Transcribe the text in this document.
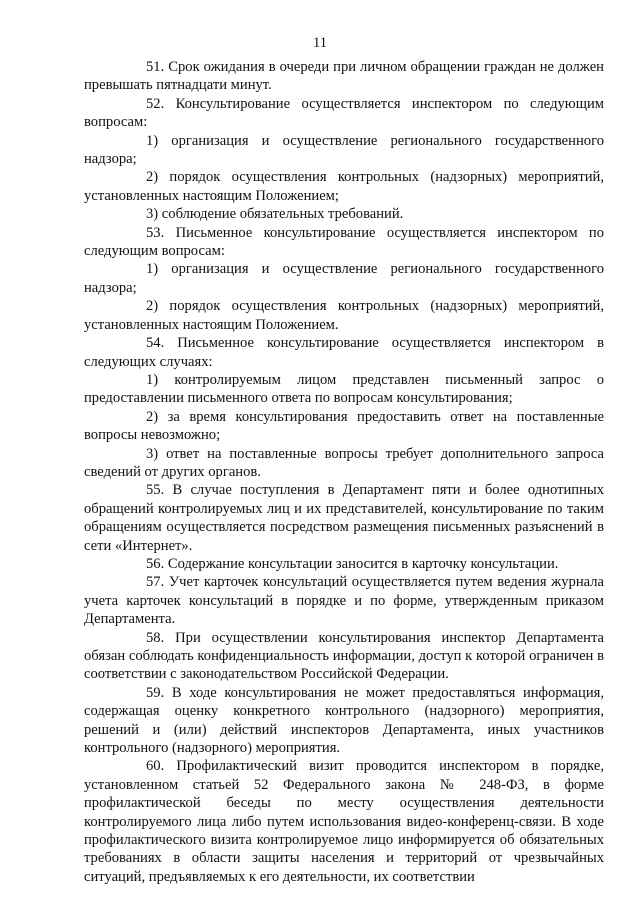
11

51. Срок ожидания в очереди при личном обращении граждан не должен превышать пятнадцати минут.

52. Консультирование осуществляется инспектором по следующим вопросам:

1) организация и осуществление регионального государственного надзора;

2) порядок осуществления контрольных (надзорных) мероприятий, установленных настоящим Положением;

3) соблюдение обязательных требований.

53. Письменное консультирование осуществляется инспектором по следующим вопросам:

1) организация и осуществление регионального государственного надзора;

2) порядок осуществления контрольных (надзорных) мероприятий, установленных настоящим Положением.

54. Письменное консультирование осуществляется инспектором в следующих случаях:

1) контролируемым лицом представлен письменный запрос о предоставлении письменного ответа по вопросам консультирования;

2) за время консультирования предоставить ответ на поставленные вопросы невозможно;

3) ответ на поставленные вопросы требует дополнительного запроса сведений от других органов.

55. В случае поступления в Департамент пяти и более однотипных обращений контролируемых лиц и их представителей, консультирование по таким обращениям осуществляется посредством размещения письменных разъяснений в сети «Интернет».

56. Содержание консультации заносится в карточку консультации.

57. Учет карточек консультаций осуществляется путем ведения журнала учета карточек консультаций в порядке и по форме, утвержденным приказом Департамента.

58. При осуществлении консультирования инспектор Департамента обязан соблюдать конфиденциальность информации, доступ к которой ограничен в соответствии с законодательством Российской Федерации.

59. В ходе консультирования не может предоставляться информация, содержащая оценку конкретного контрольного (надзорного) мероприятия, решений и (или) действий инспекторов Департамента, иных участников контрольного (надзорного) мероприятия.

60. Профилактический визит проводится инспектором в порядке, установленном статьей 52 Федерального закона № 248-ФЗ, в форме профилактической беседы по месту осуществления деятельности контролируемого лица либо путем использования видео-конференц-связи. В ходе профилактического визита контролируемое лицо информируется об обязательных требованиях в области защиты населения и территорий от чрезвычайных ситуаций, предъявляемых к его деятельности, их соответствии
